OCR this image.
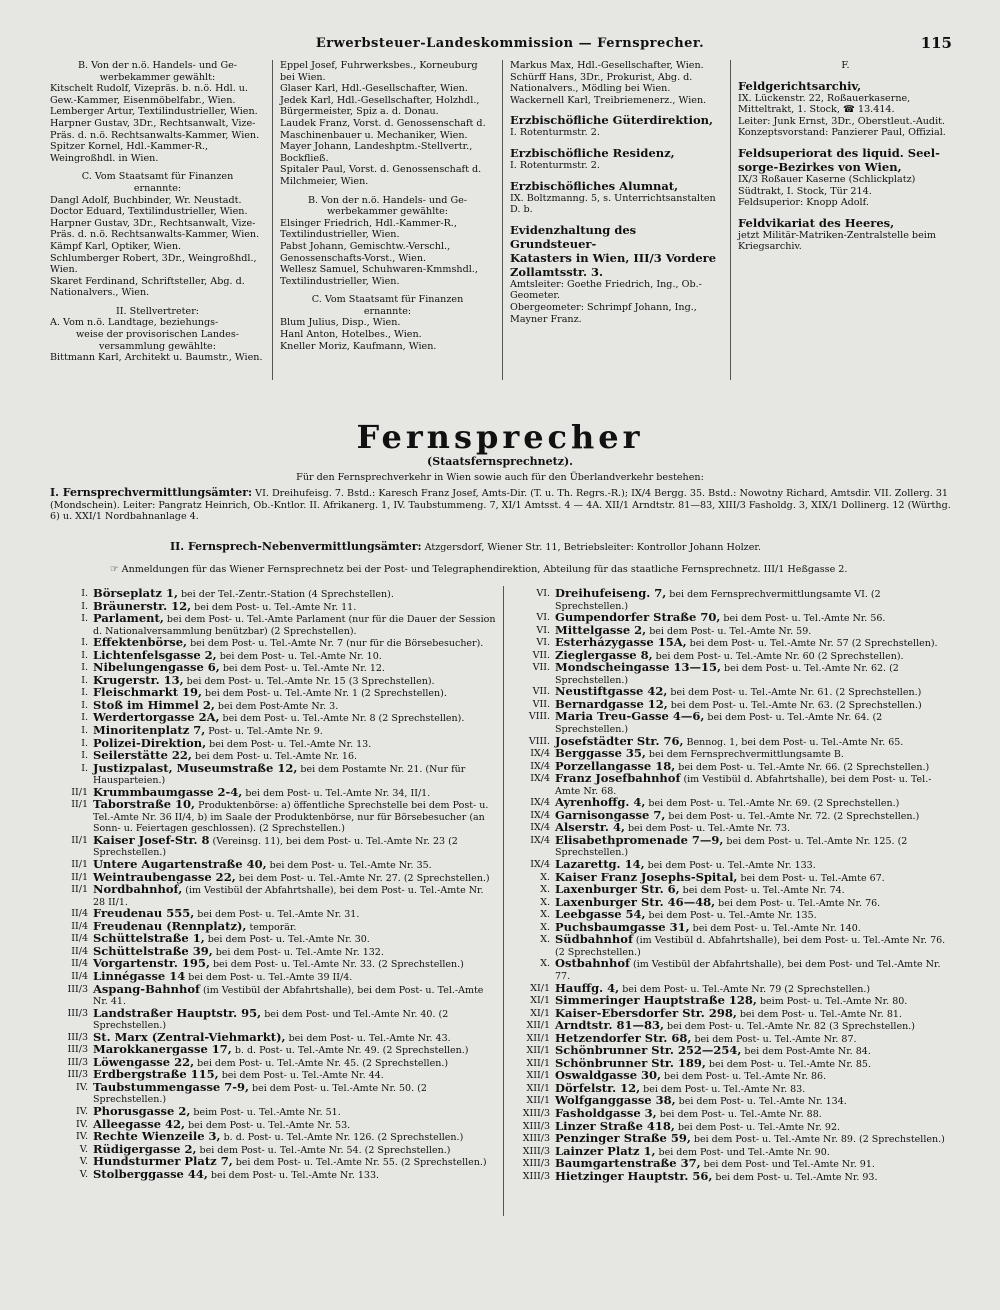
Erwerbsteuer-Landeskommission — Fernsprecher.	115

B. Von der n.ö. Handels- und Ge-

werbekammer gewählt:

Kitschelt Rudolf, Vizepräs. b. n.ö. Hdl. u.

Gew.-Kammer, Eisenmöbelfabr., Wien.

Lemberger Artur, Textilindustrieller, Wien.

Harpner Gustav, 3Dr., Rechtsanwalt, Vize-

Präs. d. n.ö. Rechtsanwalts-Kammer, Wien.

Spitzer Kornel, Hdl.-Kammer-R., Weingroßhdl. in Wien.

C. Vom Staatsamt für Finanzen

ernannte:

Dangl Adolf, Buchbinder, Wr. Neustadt.

Doctor Eduard, Textilindustrieller, Wien.

Harpner Gustav, 3Dr., Rechtsanwalt, Vize-

Präs. d. n.ö. Rechtsanwalts-Kammer, Wien.

Kämpf Karl, Optiker, Wien.

Schlumberger Robert, 3Dr., Weingroßhdl., Wien.

Skaret Ferdinand, Schriftsteller, Abg. d. Nationalvers., Wien.

II. Stellvertreter:

A. Vom n.ö. Landtage, beziehungs-

weise der provisorischen Landes-

versammlung gewählte:

Bittmann Karl, Architekt u. Baumstr., Wien.

Eppel Josef, Fuhrwerksbes., Korneuburg bei Wien.

Glaser Karl, Hdl.-Gesellschafter, Wien.

Jedek Karl, Hdl.-Gesellschafter, Holzhdl., Bürgermeister, Spiz a. d. Donau.

Laudek Franz, Vorst. d. Genossenschaft d. Maschinenbauer u. Mechaniker, Wien.

Mayer Johann, Landeshptm.-Stellvertr., Bockfließ.

Spitaler Paul, Vorst. d. Genossenschaft d. Milchmeier, Wien.

B. Von der n.ö. Handels- und Ge-

werbekammer gewählte:

Elsinger Friedrich, Hdl.-Kammer-R., Textilindustrieller, Wien.

Pabst Johann, Gemischtw.-Verschl., Genossenschafts-Vorst., Wien.

Wellesz Samuel, Schuhwaren-Kmmshdl., Textilindustrieller, Wien.

C. Vom Staatsamt für Finanzen

ernannte:

Blum Julius, Disp., Wien.

Hanl Anton, Hotelbes., Wien.

Kneller Moriz, Kaufmann, Wien.

Markus Max, Hdl.-Gesellschafter, Wien.

Schürff Hans, 3Dr., Prokurist, Abg. d. Nationalvers., Mödling bei Wien.

Wackernell Karl, Treibriemenerz., Wien.

Erzbischöfliche Güterdirektion,

I. Rotenturmstr. 2.

Erzbischöfliche Residenz,

I. Rotenturmstr. 2.

Erzbischöfliches Alumnat,

IX. Boltzmanng. 5, s. Unterrichtsanstalten D. b.

Evidenzhaltung des Grundsteuer-

Katasters in Wien, III/3 Vordere Zollamtsstr. 3.

Amtsleiter: Goethe Friedrich, Ing., Ob.-Geometer.

Obergeometer: Schrimpf Johann, Ing., Mayner Franz.

F.

Feldgerichtsarchiv,

IX. Lückenstr. 22, Roßauerkaserne, Mitteltrakt, 1. Stock, ☎ 13.414.

Leiter: Junk Ernst, 3Dr., Oberstleut.-Audit.

Konzeptsvorstand: Panzierer Paul, Offizial.

Feldsuperiorat des liquid. Seel-

sorge-Bezirkes von Wien,

IX/3 Roßauer Kaserne (Schlickplatz) Südtrakt, I. Stock, Tür 214.

Feldsuperior: Knopp Adolf.

Feldvikariat des Heeres,

jetzt Militär-Matriken-Zentralstelle beim Kriegsarchiv.

Fernsprecher
(Staatsfernsprechnetz).
Für den Fernsprechverkehr in Wien sowie auch für den Überlandverkehr bestehen:
I. Fernsprechvermittlungsämter: VI. Dreihufeisg. 7. Bstd.: Karesch Franz Josef, Amts-Dir. (T. u. Th. Regrs.-R.); IX/4 Bergg. 35. Bstd.: Nowotny Richard, Amtsdir. VII. Zollerg. 31 (Mondschein). Leiter: Pangratz Heinrich, Ob.-Kntlor. II. Afrikanerg. 1, IV. Taubstummeng. 7, XI/1 Amtsst. 4 — 4A. XII/1 Arndtstr. 81—83, XIII/3 Fasholdg. 3, XIX/1 Dollinerg. 12 (Würthg. 6) u. XXI/1 Nordbahnanlage 4.
II. Fernsprech-Nebenvermittlungsämter: Atzgersdorf, Wiener Str. 11, Betriebsleiter: Kontrollor Johann Holzer.
☞ Anmeldungen für das Wiener Fernsprechnetz bei der Post- und Telegraphendirektion, Abteilung für das staatliche Fernsprechnetz. III/1 Heßgasse 2.
I. Börseplatz 1, bei der Tel.-Zentr.-Station (4 Sprechstellen).
I. Bräunerstr. 12, bei dem Post- u. Tel.-Amte Nr. 11.
I. Parlament, bei dem Post- u. Tel.-Amte Parlament (nur für die Dauer der Session d. Nationalversammlung benützbar) (2 Sprechstellen).
I. Effektenbörse, bei dem Post- u. Tel.-Amte Nr. 7 (nur für die Börsebesucher).
I. Lichtenfelsgasse 2, bei dem Post- u. Tel.-Amte Nr. 10.
I. Nibelungengasse 6, bei dem Post- u. Tel.-Amte Nr. 12.
I. Krugerstr. 13, bei dem Post- u. Tel.-Amte Nr. 15 (3 Sprechstellen).
I. Fleischmarkt 19, bei dem Post- u. Tel.-Amte Nr. 1 (2 Sprechstellen).
I. Stoß im Himmel 2, bei dem Post-Amte Nr. 3.
I. Werdertorgasse 2A, bei dem Post- u. Tel.-Amte Nr. 8 (2 Sprechstellen).
I. Minoritenplatz 7, Post- u. Tel.-Amte Nr. 9.
I. Polizei-Direktion, bei dem Post- u. Tel.-Amte Nr. 13.
I. Seilerstätte 22, bei dem Post- u. Tel.-Amte Nr. 16.
I. Justizpalast, Museumstraße 12, bei dem Postamte Nr. 21. (Nur für Hausparteien.)
II/1 Krummbaumgasse 2-4, bei dem Post- u. Tel.-Amte Nr. 34, II/1.
II/1 Taborstraße 10, Produktenbörse: a) öffentliche Sprechstelle bei dem Post- u. Tel.-Amte Nr. 36 II/4, b) im Saale der Produktenbörse, nur für Börsebesucher (an Sonn- u. Feiertagen geschlossen). (2 Sprechstellen.)
II/1 Kaiser Josef-Str. 8 (Vereinsg. 11), bei dem Post- u. Tel.-Amte Nr. 23 (2 Sprechstellen.)
II/1 Untere Augartenstraße 40, bei dem Post- u. Tel.-Amte Nr. 35.
II/1 Weintraubengasse 22, bei dem Post- u. Tel.-Amte Nr. 27. (2 Sprechstellen.)
II/1 Nordbahnhof, (im Vestibül der Abfahrtshalle), bei dem Post- u. Tel.-Amte Nr. 28 II/1.
II/4 Freudenau 555, bei dem Post- u. Tel.-Amte Nr. 31.
II/4 Freudenau (Rennplatz), temporär.
II/4 Schüttelstraße 1, bei dem Post- u. Tel.-Amte Nr. 30.
II/4 Schüttelstraße 39, bei dem Post- u. Tel.-Amte Nr. 132.
II/4 Vorgartenstr. 195, bei dem Post- u. Tel.-Amte Nr. 33. (2 Sprechstellen.)
II/4 Linnégasse 14 bei dem Post- u. Tel.-Amte 39 II/4.
III/3 Aspang-Bahnhof (im Vestibül der Abfahrtshalle), bei dem Post- u. Tel.-Amte Nr. 41.
III/3 Landstraßer Hauptstr. 95, bei dem Post- und Tel.-Amte Nr. 40. (2 Sprechstellen.)
III/3 St. Marx (Zentral-Viehmarkt), bei dem Post- u. Tel.-Amte Nr. 43.
III/3 Marokkanergasse 17, b. d. Post- u. Tel.-Amte Nr. 49. (2 Sprechstellen.)
III/3 Löwengasse 22, bei dem Post- u. Tel.-Amte Nr. 45. (2 Sprechstellen.)
III/3 Erdbergstraße 115, bei dem Post- u. Tel.-Amte Nr. 44.
IV. Taubstummengasse 7-9, bei dem Post- u. Tel.-Amte Nr. 50. (2 Sprechstellen.)
IV. Phorusgasse 2, beim Post- u. Tel.-Amte Nr. 51.
IV. Alleegasse 42, bei dem Post- u. Tel.-Amte Nr. 53.
IV. Rechte Wienzeile 3, b. d. Post- u. Tel.-Amte Nr. 126. (2 Sprechstellen.)
V. Rüdigergasse 2, bei dem Post- u. Tel.-Amte Nr. 54. (2 Sprechstellen.)
V. Hundsturmer Platz 7, bei dem Post- u. Tel.-Amte Nr. 55. (2 Sprechstellen.)
V. Stolberggasse 44, bei dem Post- u. Tel.-Amte Nr. 133.
VI. Dreihufeiseng. 7, bei dem Fernsprechvermittlungsamte VI. (2 Sprechstellen.)
VI. Gumpendorfer Straße 70, bei dem Post- u. Tel.-Amte Nr. 56.
VI. Mittelgasse 2, bei dem Post- u. Tel.-Amte Nr. 59.
VI. Esterházygasse 15A, bei dem Post- u. Tel.-Amte Nr. 57 (2 Sprechstellen).
VII. Zieglergasse 8, bei dem Post- u. Tel.-Amte Nr. 60 (2 Sprechstellen).
VII. Mondscheingasse 13—15, bei dem Post- u. Tel.-Amte Nr. 62. (2 Sprechstellen.)
VII. Neustiftgasse 42, bei dem Post- u. Tel.-Amte Nr. 61. (2 Sprechstellen.)
VII. Bernardgasse 12, bei dem Post- u. Tel.-Amte Nr. 63. (2 Sprechstellen.)
VIII. Maria Treu-Gasse 4—6, bei dem Post- u. Tel.-Amte Nr. 64. (2 Sprechstellen.)
VIII. Josefstädter Str. 76, Bennog. 1, bei dem Post- u. Tel.-Amte Nr. 65.
IX/4 Berggasse 35, bei dem Fernsprechvermittlungsamte B.
IX/4 Porzellangasse 18, bei dem Post- u. Tel.-Amte Nr. 66. (2 Sprechstellen.)
IX/4 Franz Josefbahnhof (im Vestibül d. Abfahrtshalle), bei dem Post- u. Tel.-Amte Nr. 68.
IX/4 Ayrenhoffg. 4, bei dem Post- u. Tel.-Amte Nr. 69. (2 Sprechstellen.)
IX/4 Garnisongasse 7, bei dem Post- u. Tel.-Amte Nr. 72. (2 Sprechstellen.)
IX/4 Alserstr. 4, bei dem Post- u. Tel.-Amte Nr. 73.
IX/4 Elisabethpromenade 7—9, bei dem Post- u. Tel.-Amte Nr. 125. (2 Sprechstellen.)
IX/4 Lazarettg. 14, bei dem Post- u. Tel.-Amte Nr. 133.
X. Kaiser Franz Josephs-Spital, bei dem Post- u. Tel.-Amte 67.
X. Laxenburger Str. 6, bei dem Post- u. Tel.-Amte Nr. 74.
X. Laxenburger Str. 46—48, bei dem Post- u. Tel.-Amte Nr. 76.
X. Leebgasse 54, bei dem Post- u. Tel.-Amte Nr. 135.
X. Puchsbaumgasse 31, bei dem Post- u. Tel.-Amte Nr. 140.
X. Südbahnhof (im Vestibül d. Abfahrtshalle), bei dem Post- u. Tel.-Amte Nr. 76. (2 Sprechstellen.)
X. Ostbahnhof (im Vestibül der Abfahrtshalle), bei dem Post- und Tel.-Amte Nr. 77.
XI/1 Hauffg. 4, bei dem Post- u. Tel.-Amte Nr. 79 (2 Sprechstellen.)
XI/1 Simmeringer Hauptstraße 128, beim Post- u. Tel.-Amte Nr. 80.
XI/1 Kaiser-Ebersdorfer Str. 298, bei dem Post- u. Tel.-Amte Nr. 81.
XII/1 Arndtstr. 81—83, bei dem Post- u. Tel.-Amte Nr. 82 (3 Sprechstellen.)
XII/1 Hetzendorfer Str. 68, bei dem Post- u. Tel.-Amte Nr. 87.
XII/1 Schönbrunner Str. 252—254, bei dem Post-Amte Nr. 84.
XII/1 Schönbrunner Str. 189, bei dem Post- u. Tel.-Amte Nr. 85.
XII/1 Oswaldgasse 30, bei dem Post- u. Tel.-Amte Nr. 86.
XII/1 Dörfelstr. 12, bei dem Post- u. Tel.-Amte Nr. 83.
XII/1 Wolfganggasse 38, bei dem Post- u. Tel.-Amte Nr. 134.
XIII/3 Fasholdgasse 3, bei dem Post- u. Tel.-Amte Nr. 88.
XIII/3 Linzer Straße 418, bei dem Post- u. Tel.-Amte Nr. 92.
XIII/3 Penzinger Straße 59, bei dem Post- u. Tel.-Amte Nr. 89. (2 Sprechstellen.)
XIII/3 Lainzer Platz 1, bei dem Post- und Tel.-Amte Nr. 90.
XIII/3 Baumgartenstraße 37, bei dem Post- und Tel.-Amte Nr. 91.
XIII/3 Hietzinger Hauptstr. 56, bei dem Post- u. Tel.-Amte Nr. 93.
